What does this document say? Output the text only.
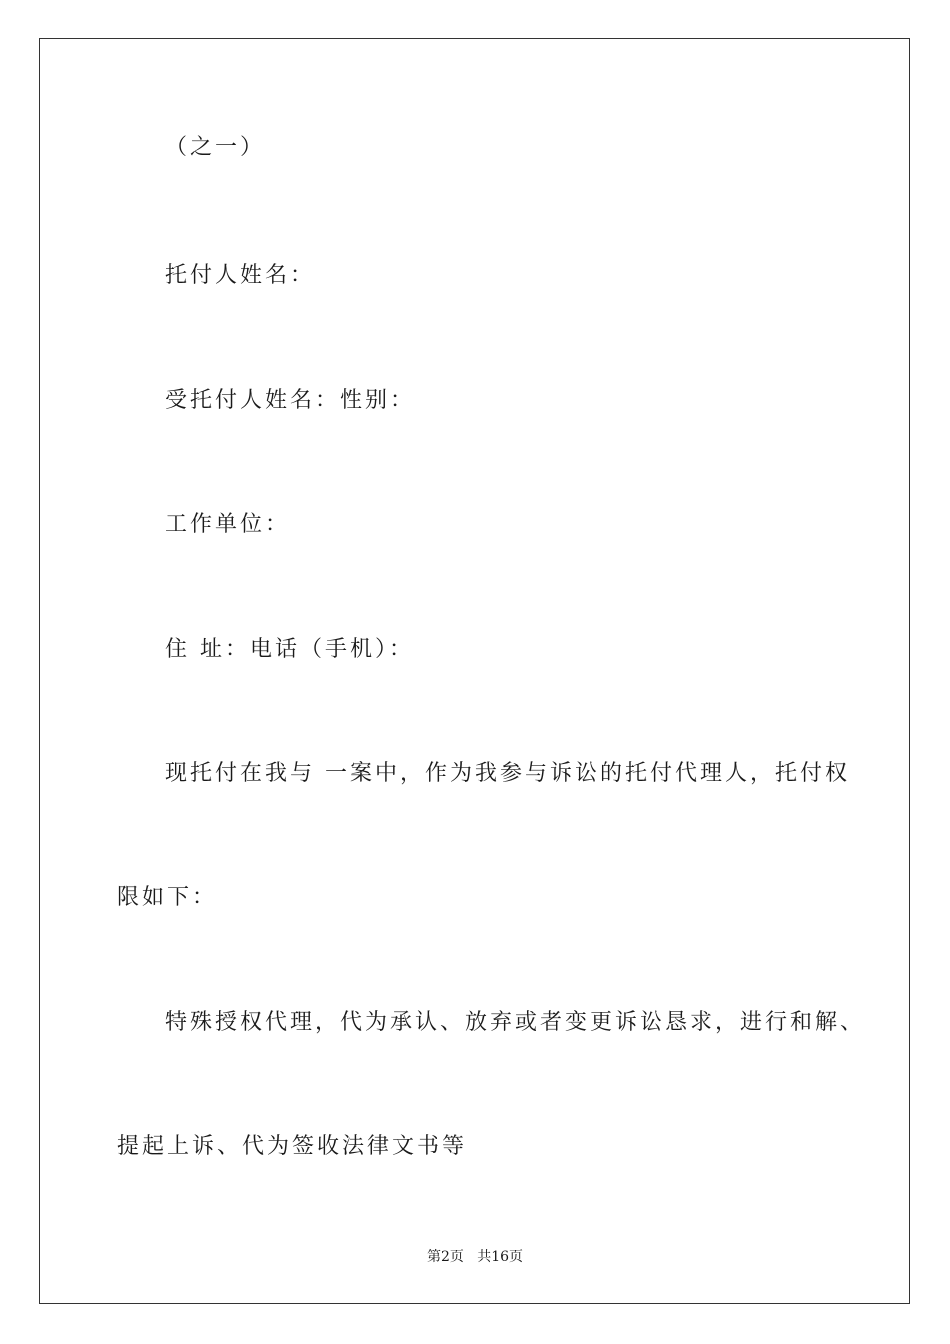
（之一）
托付人姓名：
受托付人姓名：性别：
工作单位：
住 址：电话（手机）：
现托付在我与 一案中，作为我参与诉讼的托付代理人，托付权
限如下：
特殊授权代理，代为承认、放弃或者变更诉讼恳求，进行和解、
提起上诉、代为签收法律文书等
第2页   共16页
